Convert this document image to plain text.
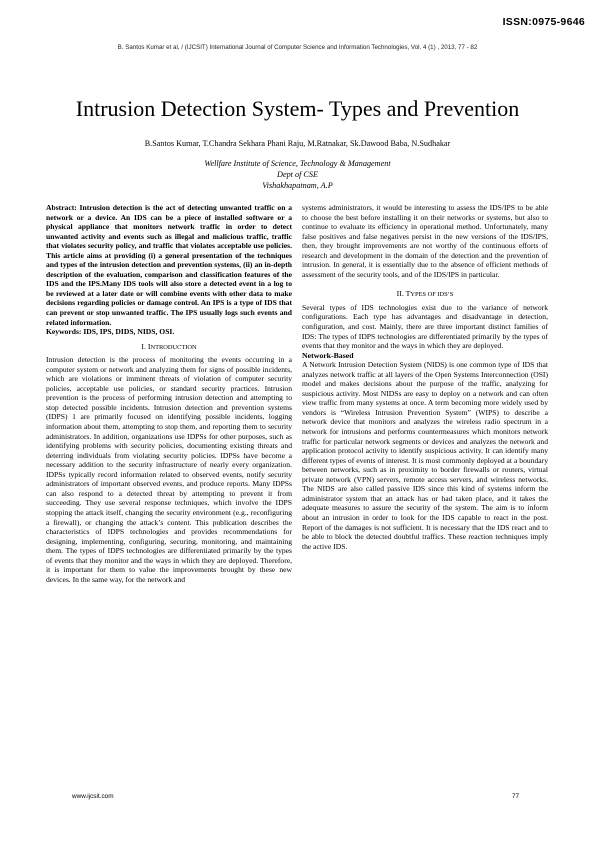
ISSN:0975-9646
B. Santos Kumar et al, / (IJCSIT) International Journal of Computer Science and Information Technologies, Vol. 4 (1) , 2013, 77 - 82
Intrusion Detection System- Types and Prevention
B.Santos Kumar, T.Chandra Sekhara Phani Raju, M.Ratnakar, Sk.Dawood Baba, N.Sudhakar
Wellfare Institute of Science, Technology & Management
Dept of CSE
Vishakhapatnam, A.P

Abstract: Intrusion detection is the act of detecting unwanted traffic on a network or a device. An IDS can be a piece of installed software or a physical appliance that monitors network traffic in order to detect unwanted activity and events such as illegal and malicious traffic, traffic that violates security policy, and traffic that violates acceptable use policies. This article aims at providing (i) a general presentation of the techniques and types of the intrusion detection and prevention systems, (ii) an in-depth description of the evaluation, comparison and classification features of the IDS and the IPS.Many IDS tools will also store a detected event in a log to be reviewed at a later date or will combine events with other data to make decisions regarding policies or damage control. An IPS is a type of IDS that can prevent or stop unwanted traffic. The IPS usually logs such events and related information.

Keywords: IDS, IPS, DIDS, NIDS, OSI.

I. INTRODUCTION

Intrusion detection is the process of monitoring the events occurring in a computer system or network and analyzing them for signs of possible incidents, which are violations or imminent threats of violation of computer security policies, acceptable use policies, or standard security practices. Intrusion prevention is the process of performing intrusion detection and attempting to stop detected possible incidents. Intrusion detection and prevention systems (IDPS) 1 are primarily focused on identifying possible incidents, logging information about them, attempting to stop them, and reporting them to security administrators. In addition, organizations use IDPSs for other purposes, such as identifying problems with security policies, documenting existing threats and deterring individuals from violating security policies. IDPSs have become a necessary addition to the security infrastructure of nearly every organization. IDPSs typically record information related to observed events, notify security administrators of important observed events, and produce reports. Many IDPSs can also respond to a detected threat by attempting to prevent it from succeeding. They use several response techniques, which involve the IDPS stopping the attack itself, changing the security environment (e.g., reconfiguring a firewall), or changing the attack’s content. This publication describes the characteristics of IDPS technologies and provides recommendations for designing, implementing, configuring, securing, monitoring, and maintaining them. The types of IDPS technologies are differentiated primarily by the types of events that they monitor and the ways in which they are deployed. Therefore, it is important for them to value the improvements brought by these new devices. In the same way, for the network and

systems administrators, it would be interesting to assess the IDS/IPS to be able to choose the best before installing it on their networks or systems, but also to continue to evaluate its efficiency in operational method. Unfortunately, many false positives and false negatives persist in the new versions of the IDS/IPS, then, they brought improvements are not worthy of the continuous efforts of research and development in the domain of the detection and the prevention of intrusion. In general, it is essentially due to the absence of efficient methods of assessment of the security tools, and of the IDS/IPS in particular.

II. TYPES OF IDS’S

Several types of IDS technologies exist due to the variance of network configurations. Each type has advantages and disadvantage in detection, configuration, and cost. Mainly, there are three important distinct families of IDS: The types of IDPS technologies are differentiated primarily by the types of events that they monitor and the ways in which they are deployed.

Network-Based

A Network Intrusion Detection System (NIDS) is one common type of IDS that analyzes network traffic at all layers of the Open Systems Interconnection (OSI) model and makes decisions about the purpose of the traffic, analyzing for suspicious activity. Most NIDSs are easy to deploy on a network and can often view traffic from many systems at once. A term becoming more widely used by vendors is “Wireless Intrusion Prevention System” (WIPS) to describe a network device that monitors and analyzes the wireless radio spectrum in a network for intrusions and performs countermeasures which monitors network traffic for particular network segments or devices and analyzes the network and application protocol activity to identify suspicious activity. It can identify many different types of events of interest. It is most commonly deployed at a boundary between networks, such as in proximity to border firewalls or routers, virtual private network (VPN) servers, remote access servers, and wireless networks. The NIDS are also called passive IDS since this kind of systems inform the administrator system that an attack has or had taken place, and it takes the adequate measures to assure the security of the system. The aim is to inform about an intrusion in order to look for the IDS capable to react in the post. Report of the damages is not sufficient. It is necessary that the IDS react and to be able to block the detected doubtful traffics. These reaction techniques imply the active IDS.

www.ijcsit.com	77
